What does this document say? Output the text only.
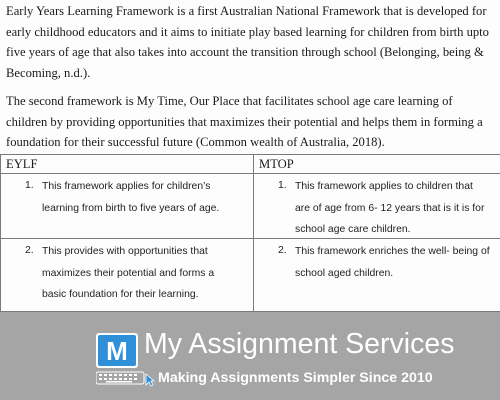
Early Years Learning Framework is a first Australian National Framework that is developed for
early childhood educators and it aims to initiate play based learning for children from birth upto
five years of age that also takes into account the transition through school (Belonging, being &
Becoming, n.d.).

The second framework is My Time, Our Place that facilitates school age care learning of
children by providing opportunities that maximizes their potential and helps them in forming a
foundation for their successful future (Common wealth of Australia, 2018).

EYLF	MTOP

1. This framework applies for children’s
learning from birth to five years of age.	1. This framework applies to children that
are of age from 6- 12 years that is it is for
school age care children.

2. This provides with opportunities that
maximizes their potential and forms a
basic foundation for their learning.	2. This framework enriches the well- being of
school aged children.
M My Assignment Services
Making Assignments Simpler Since 2010
